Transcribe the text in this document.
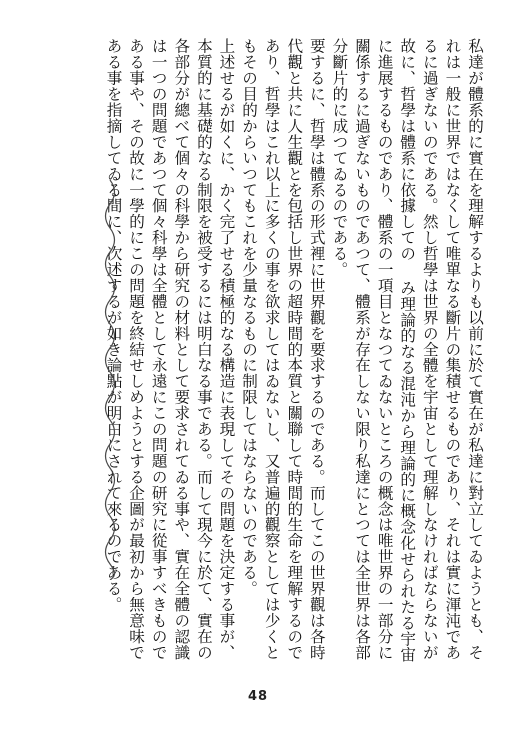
私達が體系的に實在を理解するよりも以前に於て實在が私達に對立してゐようとも、それは一般に世界ではなくして唯單なる斷片の集積せるものであり、それは實に渾沌であるに過ぎないのである。然し哲學は世界の全體を宇宙として理解しなければならないが故に、哲學は體系に依據しての み理論的なる混沌から理論的に概念化せられたる宇宙に進展するものであり、體系の一項目となつてゐないところの概念は唯世界の一部分に關係するに過ぎないものであつて、體系が存在しない限り私達にとつては全世界は各部分斷片的に成つてゐるのである。

要するに、哲學は體系の形式裡に世界觀を要求するのである。而してこの世界觀は各時代觀と共に人生觀とを包括し世界の超時間的本質と關聯して時間的生命を理解するのであり、哲學はこれ以上に多くの事を欲求してはゐないし、又普遍的觀察としては少くともその目的からいつてもこれを少量なるものに制限してはならないのである。

上述せるが如くに、かく完了せる積極的なる構造に表現してその問題を決定する事が、本質的に基礎的なる制限を被受するには明白なる事である。而して現今に於て、實在の各部分が總べて個々の科學から研究の材料として要求されてゐる事や、實在全體の認識は一つの問題であつて個々科學は全體として永遠にこの問題の研究に從事すべきものである事や、その故に一學的にこの問題を終結せしめようとする企圖が最初から無意味である事を指摘してゐる間に、次述するが如き論點が明白にされて來るのである。

48
